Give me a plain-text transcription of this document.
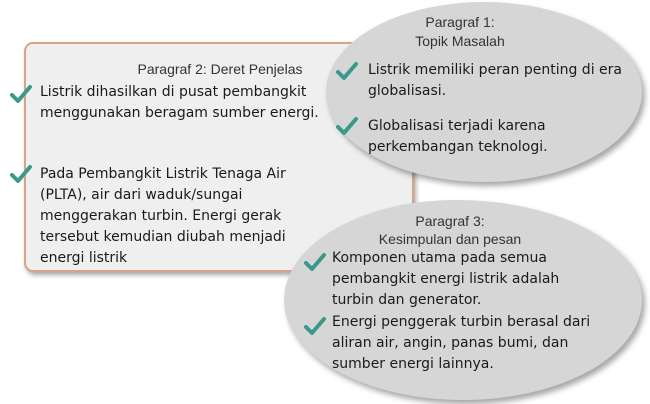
Paragraf 2: Deret Penjelas
Listrik dihasilkan di pusat pembangkit menggunakan beragam sumber energi.
Pada Pembangkit Listrik Tenaga Air (PLTA), air dari waduk/sungai menggerakan turbin. Energi gerak tersebut kemudian diubah menjadi energi listrik
Paragraf 1:
Topik Masalah
Listrik memiliki peran penting di era globalisasi.
Globalisasi terjadi karena perkembangan teknologi.
Paragraf 3:
Kesimpulan dan pesan
Komponen utama pada semua pembangkit energi listrik adalah turbin dan generator.
Energi penggerak turbin berasal dari aliran air, angin, panas bumi, dan sumber energi lainnya.
